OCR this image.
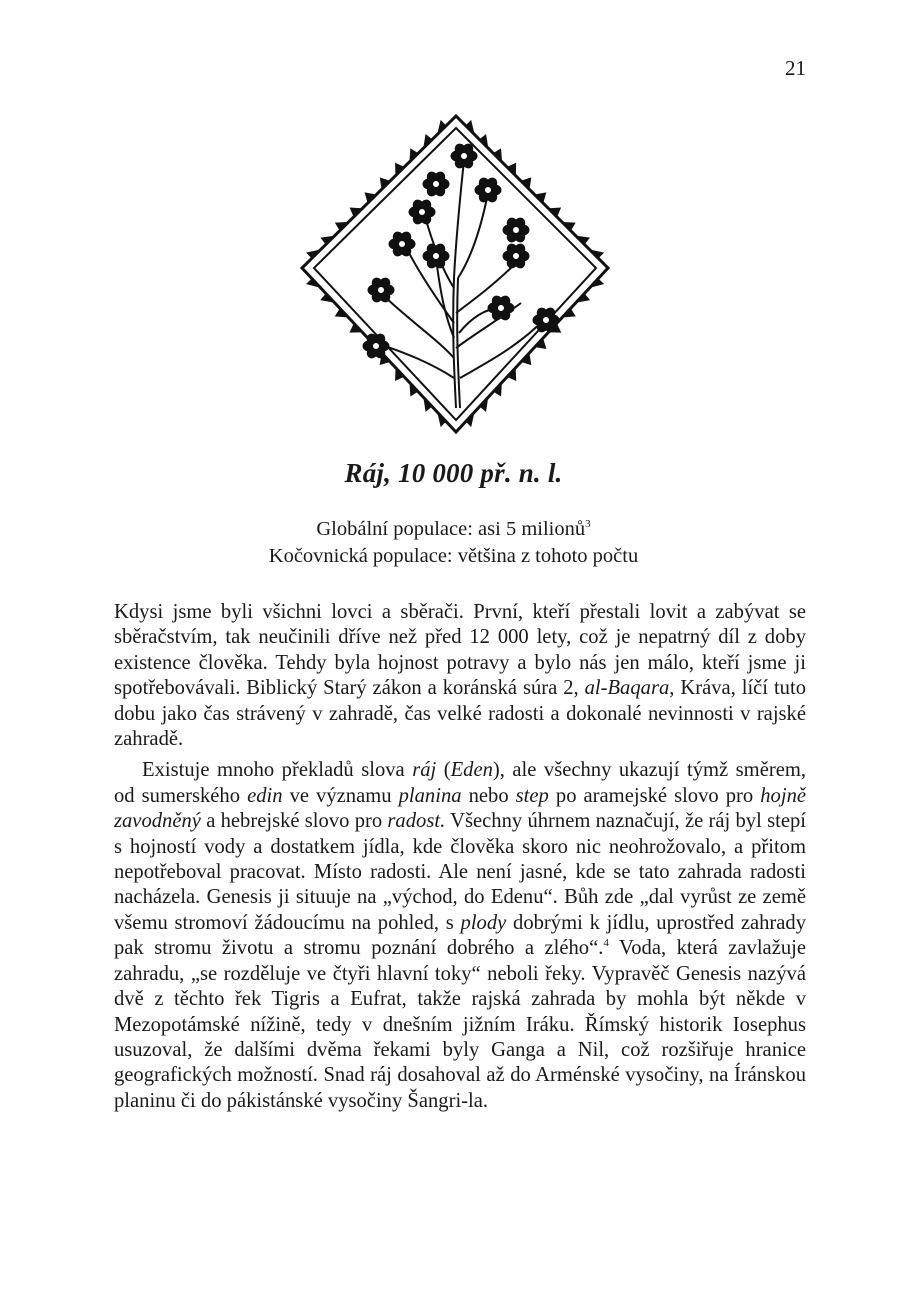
21
Ráj, 10 000 př. n. l.
Globální populace: asi 5 milionů$^3$
Kočovnická populace: většina z tohoto počtu

Kdysi jsme byli všichni lovci a sběrači. První, kteří přestali lovit a zabývat se sběračstvím, tak neučinili dříve než před 12 000 lety, což je nepatrný díl z doby existence člověka. Tehdy byla hojnost potravy a bylo nás jen málo, kteří jsme ji spotřebovávali. Biblický Starý zákon a koránská súra 2, al-Baqara, Kráva, líčí tuto dobu jako čas strávený v zahradě, čas velké radosti a dokonalé nevinnosti v rajské zahradě.

Existuje mnoho překladů slova ráj (Eden), ale všechny ukazují týmž směrem, od sumerského edin ve významu planina nebo step po aramejské slovo pro hojně zavodněný a hebrejské slovo pro radost. Všechny úhrnem naznačují, že ráj byl stepí s hojností vody a dostatkem jídla, kde člověka skoro nic neohrožovalo, a přitom nepotřeboval pracovat. Místo radosti. Ale není jasné, kde se tato zahrada radosti nacházela. Genesis ji situuje na „východ, do Edenu“. Bůh zde „dal vyrůst ze země všemu stromoví žádoucímu na pohled, s plody dobrými k jídlu, uprostřed zahrady pak stromu životu a stromu poznání dobrého a zlého“.$^4$ Voda, která zavlažuje zahradu, „se rozděluje ve čtyři hlavní toky“ neboli řeky. Vypravěč Genesis nazývá dvě z těchto řek Tigris a Eufrat, takže rajská zahrada by mohla být někde v Mezopotámské nížině, tedy v dnešním jižním Iráku. Římský historik Iosephus usuzoval, že dalšími dvěma řekami byly Ganga a Nil, což rozšiřuje hranice geografických možností. Snad ráj dosahoval až do Arménské vysočiny, na Íránskou planinu či do pákistánské vysočiny Šangri-la.
